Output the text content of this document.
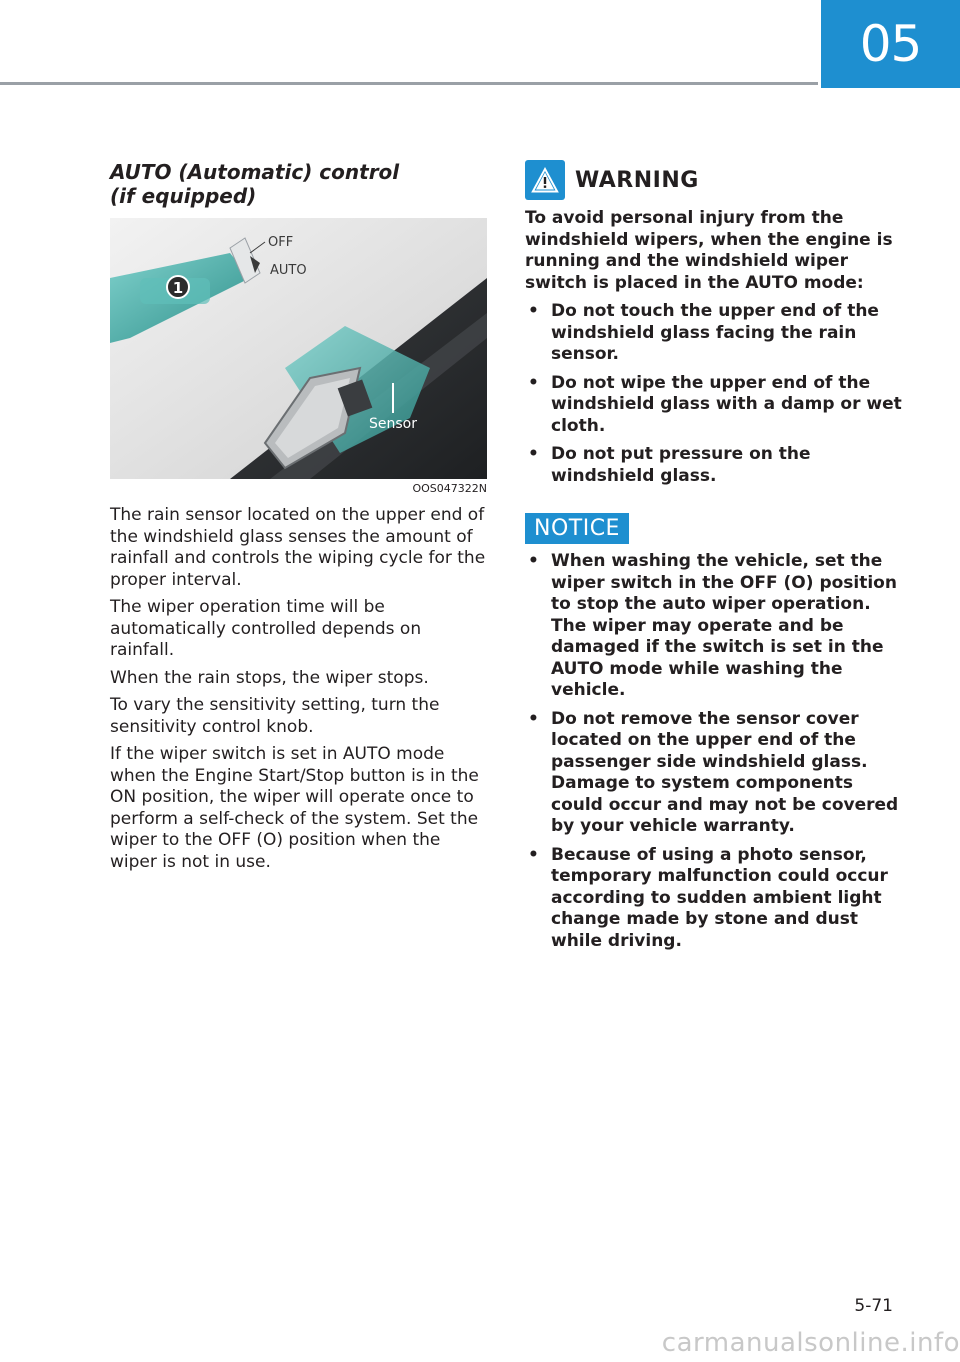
05
AUTO (Automatic) control
(if equipped)
1
OFF
AUTO
Sensor
OOS047322N

The rain sensor located on the upper end of the windshield glass senses the amount of rainfall and controls the wiping cycle for the proper interval.

The wiper operation time will be automatically controlled depends on rainfall.

When the rain stops, the wiper stops.

To vary the sensitivity setting, turn the sensitivity control knob.

If the wiper switch is set in AUTO mode when the Engine Start/Stop button is in the ON position, the wiper will operate once to perform a self-check of the system. Set the wiper to the OFF (O) position when the wiper is not in use.

WARNING

To avoid personal injury from the windshield wipers, when the engine is running and the windshield wiper switch is placed in the AUTO mode:

• Do not touch the upper end of the windshield glass facing the rain sensor.
• Do not wipe the upper end of the windshield glass with a damp or wet cloth.
• Do not put pressure on the windshield glass.
NOTICE
• When washing the vehicle, set the wiper switch in the OFF (O) position to stop the auto wiper operation. The wiper may operate and be damaged if the switch is set in the AUTO mode while washing the vehicle.
• Do not remove the sensor cover located on the upper end of the passenger side windshield glass. Damage to system components could occur and may not be covered by your vehicle warranty.
• Because of using a photo sensor, temporary malfunction could occur according to sudden ambient light change made by stone and dust while driving.
5-71
carmanualsonline.info
